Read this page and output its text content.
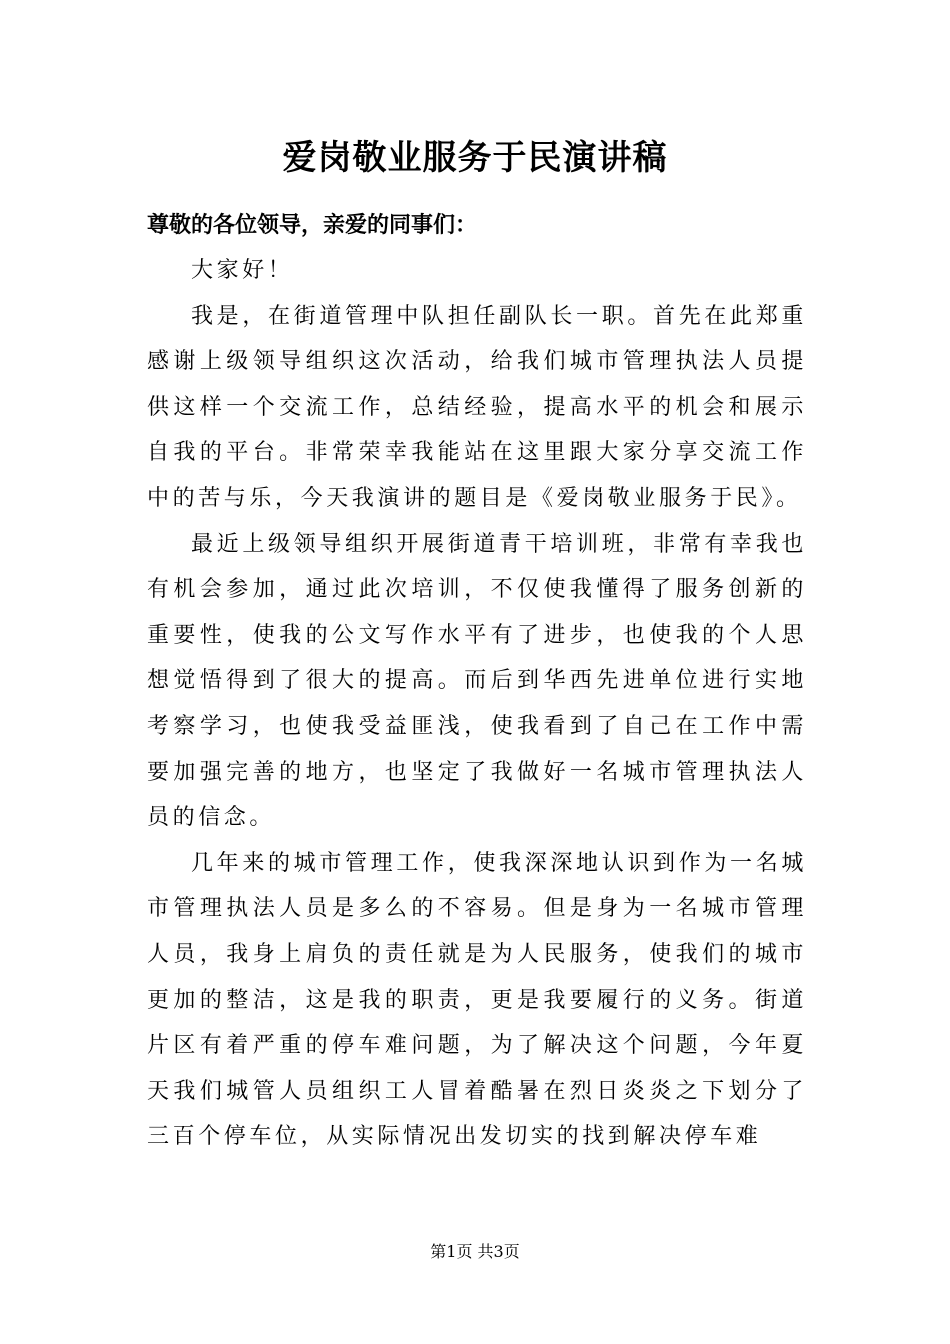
爱岗敬业服务于民演讲稿
尊敬的各位领导，亲爱的同事们：

大家好！

我是，在街道管理中队担任副队长一职。首先在此郑重感谢上级领导组织这次活动，给我们城市管理执法人员提供这样一个交流工作，总结经验，提高水平的机会和展示自我的平台。非常荣幸我能站在这里跟大家分享交流工作中的苦与乐，今天我演讲的题目是《爱岗敬业服务于民》。

最近上级领导组织开展街道青干培训班，非常有幸我也有机会参加，通过此次培训，不仅使我懂得了服务创新的重要性，使我的公文写作水平有了进步，也使我的个人思想觉悟得到了很大的提高。而后到华西先进单位进行实地考察学习，也使我受益匪浅，使我看到了自己在工作中需要加强完善的地方，也坚定了我做好一名城市管理执法人员的信念。

几年来的城市管理工作，使我深深地认识到作为一名城市管理执法人员是多么的不容易。但是身为一名城市管理人员，我身上肩负的责任就是为人民服务，使我们的城市更加的整洁，这是我的职责，更是我要履行的义务。街道片区有着严重的停车难问题，为了解决这个问题，今年夏天我们城管人员组织工人冒着酷暑在烈日炎炎之下划分了三百个停车位，从实际情况出发切实的找到解决停车难

第1页 共3页
